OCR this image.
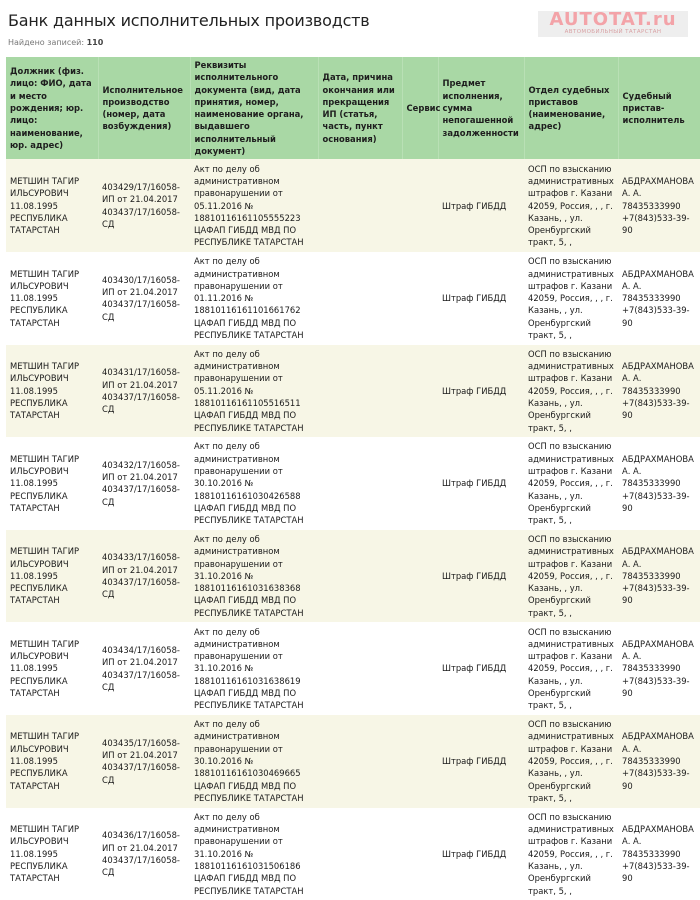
Банк данных исполнительных производств
Найдено записей: 110
AUTOTAT.ru
АВТОМОБИЛЬНЫЙ ТАТАРСТАН
Должник (физ. лицо: ФИО, дата и место рождения; юр. лицо: наименование, юр. адрес)	Исполнительное производство (номер, дата возбуждения)	Реквизиты исполнительного документа (вид, дата принятия, номер, наименование органа, выдавшего исполнительный документ)	Дата, причина окончания или прекращения ИП (статья, часть, пункт основания)	Сервис	Предмет исполнения, сумма непогашенной задолженности	Отдел судебных приставов (наименование, адрес)	Судебный пристав-исполнитель
МЕТШИН ТАГИР ИЛЬСУРОВИЧ 11.08.1995 РЕСПУБЛИКА ТАТАРСТАН	403429/17/16058-ИП от 21.04.2017 403437/17/16058-СД	Акт по делу об административном правонарушении от 05.11.2016 № 18810116161105555223 ЦАФАП ГИБДД МВД ПО РЕСПУБЛИКЕ ТАТАРСТАН			Штраф ГИБДД	ОСП по взысканию административных штрафов г. Казани 42059, Россия, , , г. Казань, , ул. Оренбургский тракт, 5, ,	АБДРАХМАНОВА А. А. 78435333990 +7(843)533-39-90
МЕТШИН ТАГИР ИЛЬСУРОВИЧ 11.08.1995 РЕСПУБЛИКА ТАТАРСТАН	403430/17/16058-ИП от 21.04.2017 403437/17/16058-СД	Акт по делу об административном правонарушении от 01.11.2016 № 18810116161101661762 ЦАФАП ГИБДД МВД ПО РЕСПУБЛИКЕ ТАТАРСТАН			Штраф ГИБДД	ОСП по взысканию административных штрафов г. Казани 42059, Россия, , , г. Казань, , ул. Оренбургский тракт, 5, ,	АБДРАХМАНОВА А. А. 78435333990 +7(843)533-39-90
МЕТШИН ТАГИР ИЛЬСУРОВИЧ 11.08.1995 РЕСПУБЛИКА ТАТАРСТАН	403431/17/16058-ИП от 21.04.2017 403437/17/16058-СД	Акт по делу об административном правонарушении от 05.11.2016 № 18810116161105516511 ЦАФАП ГИБДД МВД ПО РЕСПУБЛИКЕ ТАТАРСТАН			Штраф ГИБДД	ОСП по взысканию административных штрафов г. Казани 42059, Россия, , , г. Казань, , ул. Оренбургский тракт, 5, ,	АБДРАХМАНОВА А. А. 78435333990 +7(843)533-39-90
МЕТШИН ТАГИР ИЛЬСУРОВИЧ 11.08.1995 РЕСПУБЛИКА ТАТАРСТАН	403432/17/16058-ИП от 21.04.2017 403437/17/16058-СД	Акт по делу об административном правонарушении от 30.10.2016 № 18810116161030426588 ЦАФАП ГИБДД МВД ПО РЕСПУБЛИКЕ ТАТАРСТАН			Штраф ГИБДД	ОСП по взысканию административных штрафов г. Казани 42059, Россия, , , г. Казань, , ул. Оренбургский тракт, 5, ,	АБДРАХМАНОВА А. А. 78435333990 +7(843)533-39-90
МЕТШИН ТАГИР ИЛЬСУРОВИЧ 11.08.1995 РЕСПУБЛИКА ТАТАРСТАН	403433/17/16058-ИП от 21.04.2017 403437/17/16058-СД	Акт по делу об административном правонарушении от 31.10.2016 № 18810116161031638368 ЦАФАП ГИБДД МВД ПО РЕСПУБЛИКЕ ТАТАРСТАН			Штраф ГИБДД	ОСП по взысканию административных штрафов г. Казани 42059, Россия, , , г. Казань, , ул. Оренбургский тракт, 5, ,	АБДРАХМАНОВА А. А. 78435333990 +7(843)533-39-90
МЕТШИН ТАГИР ИЛЬСУРОВИЧ 11.08.1995 РЕСПУБЛИКА ТАТАРСТАН	403434/17/16058-ИП от 21.04.2017 403437/17/16058-СД	Акт по делу об административном правонарушении от 31.10.2016 № 18810116161031638619 ЦАФАП ГИБДД МВД ПО РЕСПУБЛИКЕ ТАТАРСТАН			Штраф ГИБДД	ОСП по взысканию административных штрафов г. Казани 42059, Россия, , , г. Казань, , ул. Оренбургский тракт, 5, ,	АБДРАХМАНОВА А. А. 78435333990 +7(843)533-39-90
МЕТШИН ТАГИР ИЛЬСУРОВИЧ 11.08.1995 РЕСПУБЛИКА ТАТАРСТАН	403435/17/16058-ИП от 21.04.2017 403437/17/16058-СД	Акт по делу об административном правонарушении от 30.10.2016 № 18810116161030469665 ЦАФАП ГИБДД МВД ПО РЕСПУБЛИКЕ ТАТАРСТАН			Штраф ГИБДД	ОСП по взысканию административных штрафов г. Казани 42059, Россия, , , г. Казань, , ул. Оренбургский тракт, 5, ,	АБДРАХМАНОВА А. А. 78435333990 +7(843)533-39-90
МЕТШИН ТАГИР ИЛЬСУРОВИЧ 11.08.1995 РЕСПУБЛИКА ТАТАРСТАН	403436/17/16058-ИП от 21.04.2017 403437/17/16058-СД	Акт по делу об административном правонарушении от 31.10.2016 № 18810116161031506186 ЦАФАП ГИБДД МВД ПО РЕСПУБЛИКЕ ТАТАРСТАН			Штраф ГИБДД	ОСП по взысканию административных штрафов г. Казани 42059, Россия, , , г. Казань, , ул. Оренбургский тракт, 5, ,	АБДРАХМАНОВА А. А. 78435333990 +7(843)533-39-90
